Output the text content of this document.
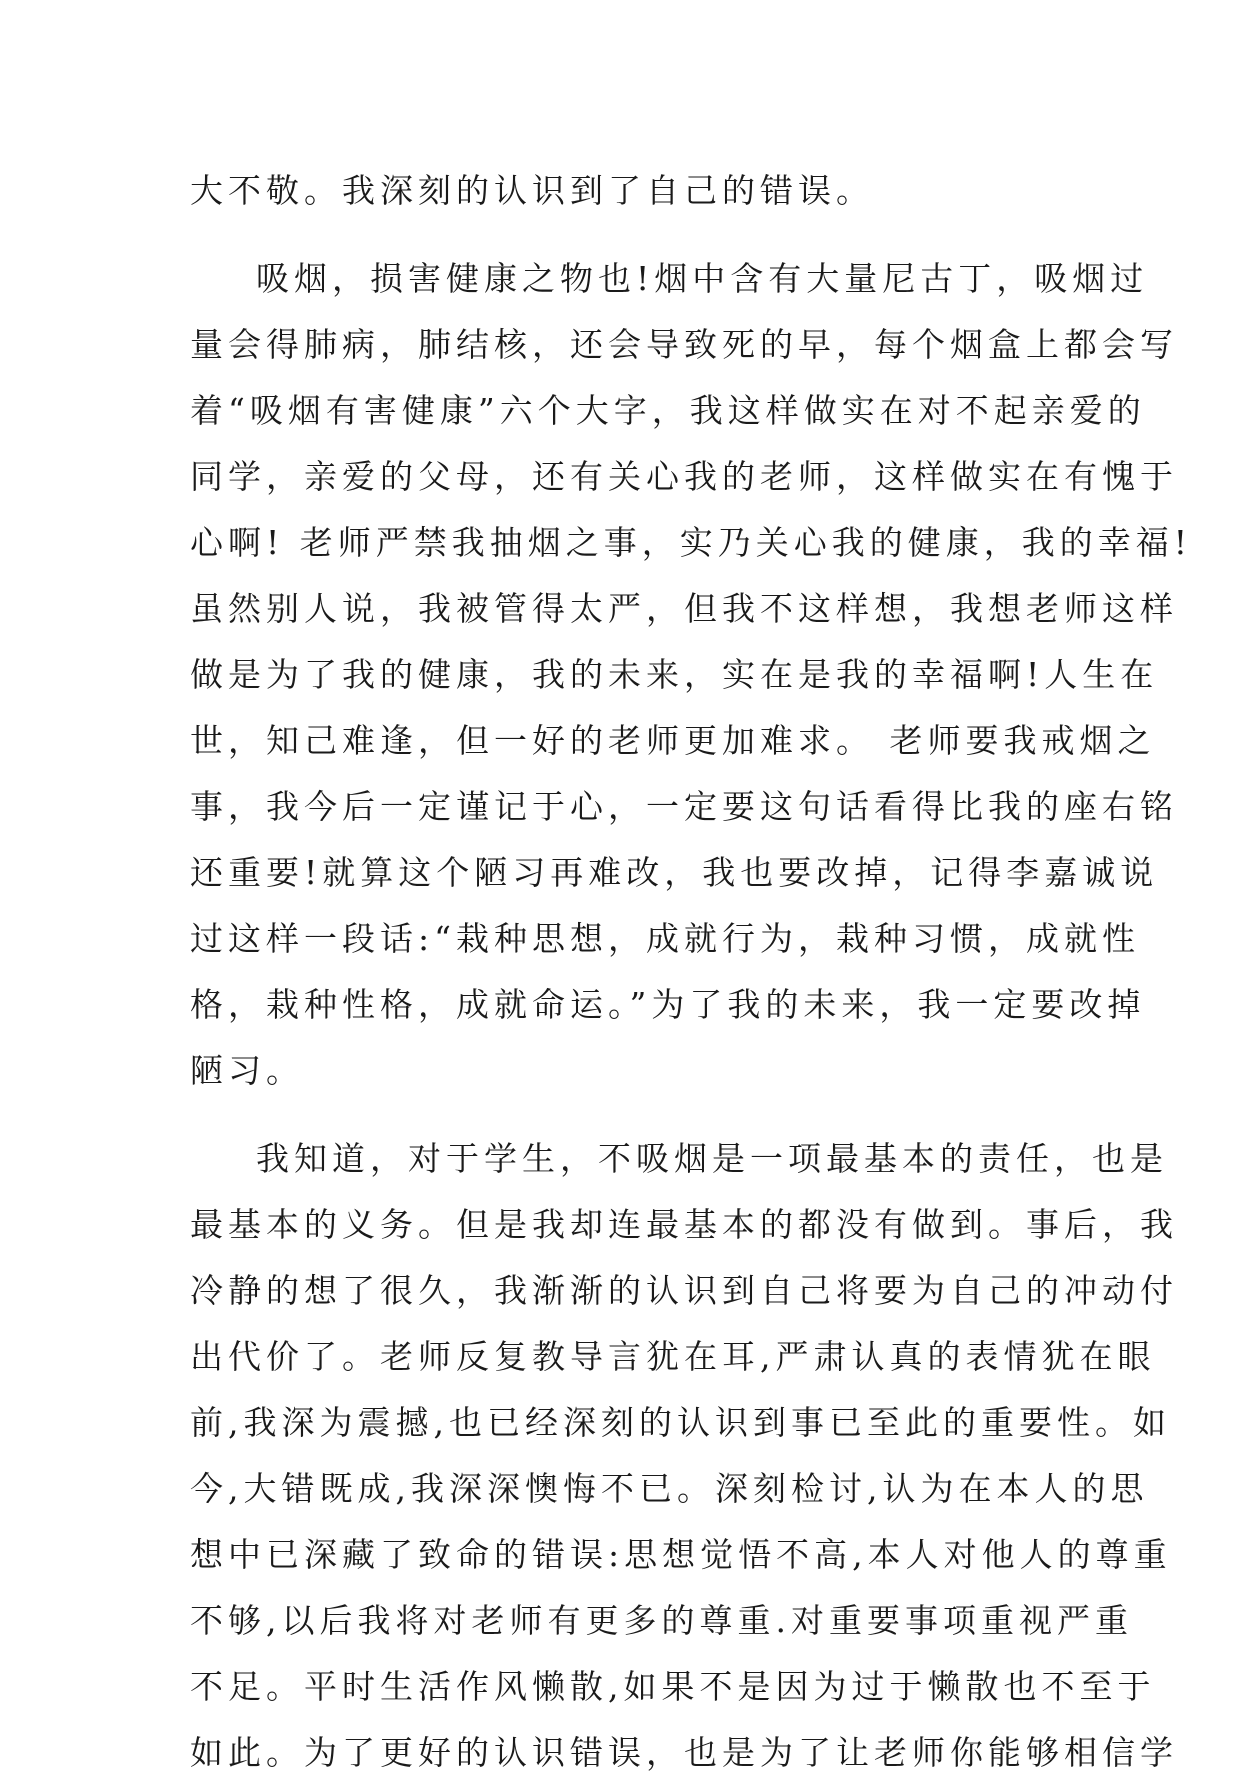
大不敬。我深刻的认识到了自己的错误。
吸烟，损害健康之物也!烟中含有大量尼古丁，吸烟过
量会得肺病，肺结核，还会导致死的早，每个烟盒上都会写
着“吸烟有害健康”六个大字，我这样做实在对不起亲爱的
同学，亲爱的父母，还有关心我的老师，这样做实在有愧于
心啊! 老师严禁我抽烟之事，实乃关心我的健康，我的幸福!
虽然别人说，我被管得太严，但我不这样想，我想老师这样
做是为了我的健康，我的未来，实在是我的幸福啊!人生在
世，知己难逢，但一好的老师更加难求。 老师要我戒烟之
事，我今后一定谨记于心，一定要这句话看得比我的座右铭
还重要!就算这个陋习再难改，我也要改掉，记得李嘉诚说
过这样一段话:“栽种思想，成就行为，栽种习惯，成就性
格，栽种性格，成就命运。”为了我的未来，我一定要改掉
陋习。
我知道，对于学生，不吸烟是一项最基本的责任，也是
最基本的义务。但是我却连最基本的都没有做到。事后，我
冷静的想了很久，我渐渐的认识到自己将要为自己的冲动付
出代价了。老师反复教导言犹在耳,严肃认真的表情犹在眼
前,我深为震撼,也已经深刻的认识到事已至此的重要性。如
今,大错既成,我深深懊悔不已。深刻检讨,认为在本人的思
想中已深藏了致命的错误:思想觉悟不高,本人对他人的尊重
不够,以后我将对老师有更多的尊重.对重要事项重视严重
不足。平时生活作风懒散,如果不是因为过于懒散也不至于
如此。为了更好的认识错误，也是为了让老师你能够相信学
